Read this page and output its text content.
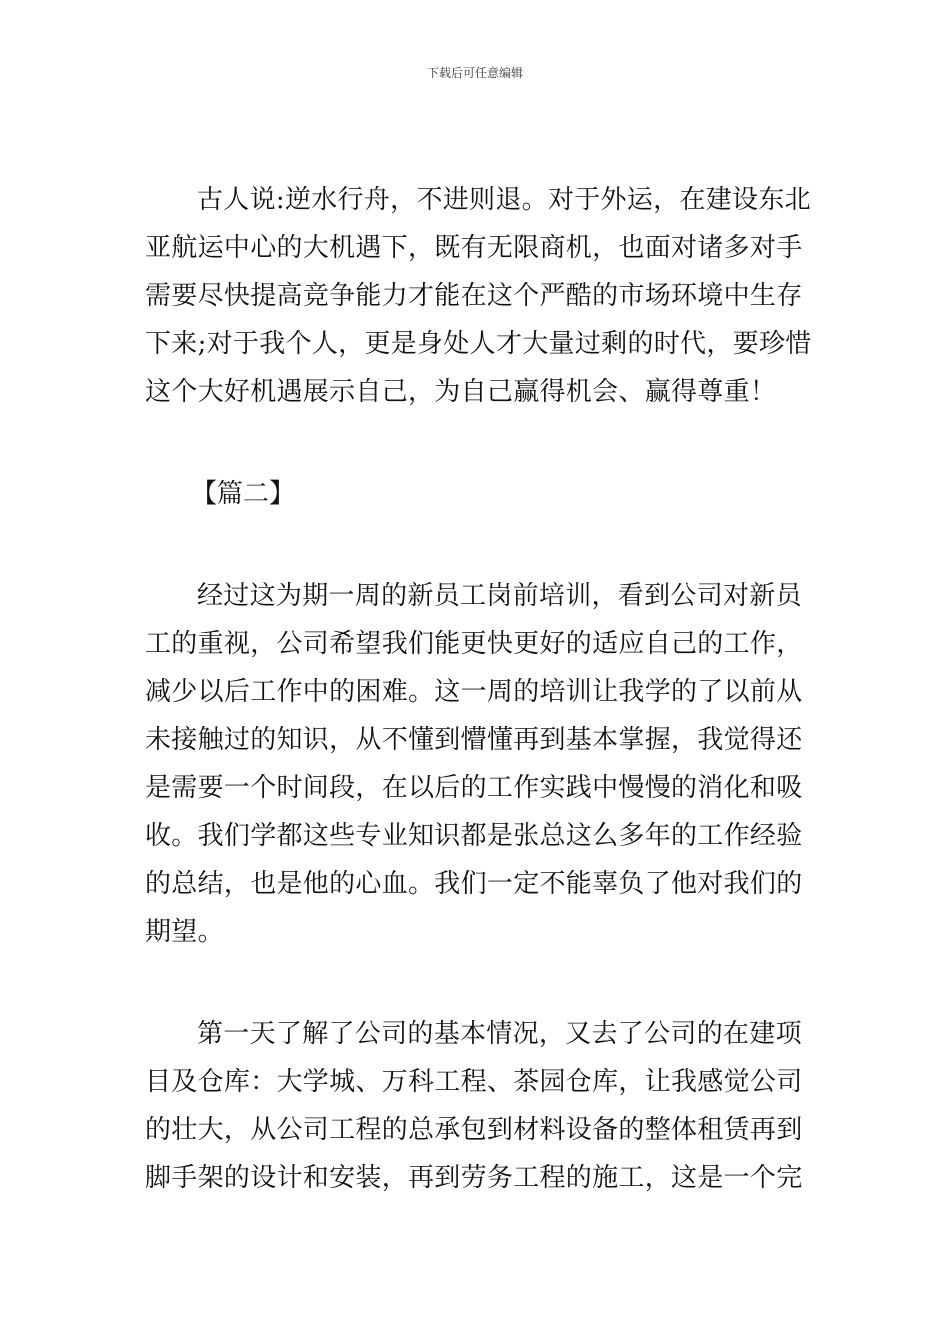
下载后可任意编辑
古人说:逆水行舟，不进则退。对于外运，在建设东北
亚航运中心的大机遇下，既有无限商机，也面对诸多对手
需要尽快提高竞争能力才能在这个严酷的市场环境中生存
下来;对于我个人，更是身处人才大量过剩的时代，要珍惜
这个大好机遇展示自己，为自己赢得机会、赢得尊重！
【篇二】
经过这为期一周的新员工岗前培训，看到公司对新员
工的重视，公司希望我们能更快更好的适应自己的工作，
减少以后工作中的困难。这一周的培训让我学的了以前从
未接触过的知识，从不懂到懵懂再到基本掌握，我觉得还
是需要一个时间段，在以后的工作实践中慢慢的消化和吸
收。我们学都这些专业知识都是张总这么多年的工作经验
的总结，也是他的心血。我们一定不能辜负了他对我们的
期望。
第一天了解了公司的基本情况，又去了公司的在建项
目及仓库：大学城、万科工程、茶园仓库，让我感觉公司
的壮大，从公司工程的总承包到材料设备的整体租赁再到
脚手架的设计和安装，再到劳务工程的施工，这是一个完
